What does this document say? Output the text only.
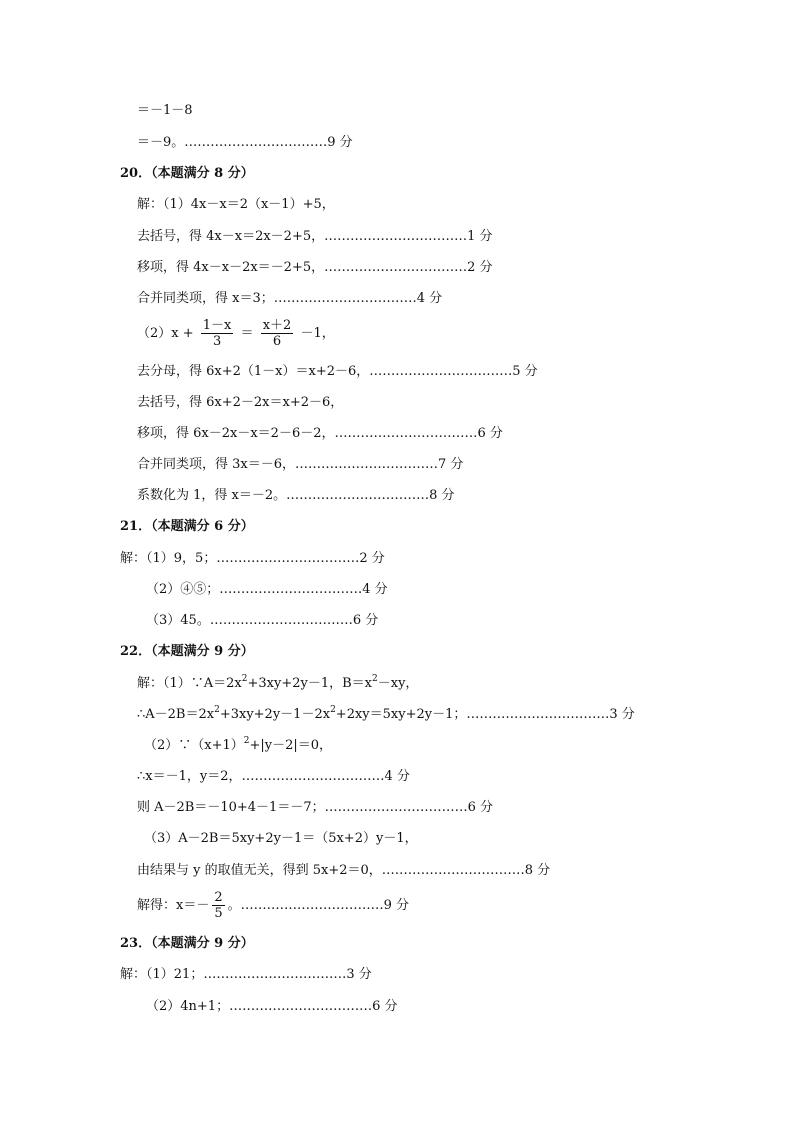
＝－1－8
＝－9。……………………………9 分
20．（本题满分 8 分）
解：（1）4x－x＝2（x－1）+5，
去括号，得 4x－x＝2x－2+5，……………………………1 分
移项，得 4x－x－2x＝－2+5，……………………………2 分
合并同类项，得 x＝3；……………………………4 分
$(2)x + \frac{1-x}{3} = \frac{x+2}{6} -1$，
去分母，得 6x+2（1－x）＝x+2－6，……………………………5 分
去括号，得 6x+2－2x＝x+2－6，
移项，得 6x－2x－x＝2－6－2，……………………………6 分
合并同类项，得 3x＝－6，……………………………7 分
系数化为 1，得 x＝－2。……………………………8 分
21．（本题满分 6 分）
解：（1）9，5；……………………………2 分
（2）④⑤；……………………………4 分
（3）45。……………………………6 分
22．（本题满分 9 分）
解：$(1)\because A=2x^2+3xy+2y-1$，$B=x^2-xy$，
$\therefore A-2B=2x^2+3xy+2y-1-2x^2+2xy=5xy+2y-1$；……………………………3 分
$(2)\because(x+1)^2+|y-2|=0$，
∴x＝－1，y＝2，……………………………4 分
则 A－2B＝－10+4－1＝－7；……………………………6 分
（3）A－2B＝5xy+2y－1＝（5x+2）y－1，
由结果与 y 的取值无关，得到 5x+2＝0，……………………………8 分
解得：$x=- \frac{2}{5}$ 。……………………………9 分
23．（本题满分 9 分）
解：（1）21；……………………………3 分
（2）4n+1；……………………………6 分
